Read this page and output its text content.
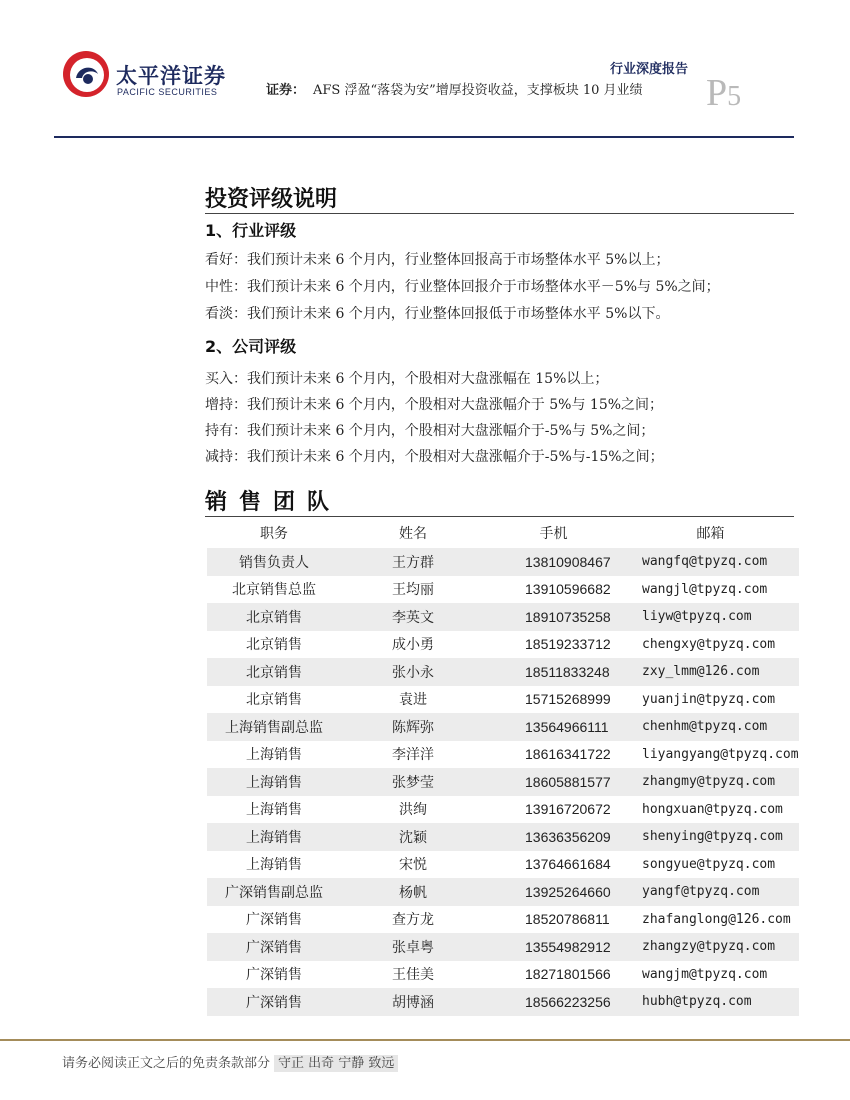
太平洋证券
PACIFIC SECURITIES
行业深度报告
证券： AFS 浮盈“落袋为安”增厚投资收益，支撑板块 10 月业绩 P5
投资评级说明
1、行业评级
看好：我们预计未来 6 个月内，行业整体回报高于市场整体水平 5%以上；
中性：我们预计未来 6 个月内，行业整体回报介于市场整体水平－5%与 5%之间；
看淡：我们预计未来 6 个月内，行业整体回报低于市场整体水平 5%以下。
2、公司评级
买入：我们预计未来 6 个月内，个股相对大盘涨幅在 15%以上；
增持：我们预计未来 6 个月内，个股相对大盘涨幅介于 5%与 15%之间；
持有：我们预计未来 6 个月内，个股相对大盘涨幅介于-5%与 5%之间；
减持：我们预计未来 6 个月内，个股相对大盘涨幅介于-5%与-15%之间；
销售团队
职务	姓名	手机	邮箱
销售负责人	王方群	13810908467	wangfq@tpyzq.com
北京销售总监	王均丽	13910596682	wangjl@tpyzq.com
北京销售	李英文	18910735258	liyw@tpyzq.com
北京销售	成小勇	18519233712	chengxy@tpyzq.com
北京销售	张小永	18511833248	zxy_lmm@126.com
北京销售	袁进	15715268999	yuanjin@tpyzq.com
上海销售副总监	陈辉弥	13564966111	chenhm@tpyzq.com
上海销售	李洋洋	18616341722	liyangyang@tpyzq.com
上海销售	张梦莹	18605881577	zhangmy@tpyzq.com
上海销售	洪绚	13916720672	hongxuan@tpyzq.com
上海销售	沈颖	13636356209	shenying@tpyzq.com
上海销售	宋悦	13764661684	songyue@tpyzq.com
广深销售副总监	杨帆	13925264660	yangf@tpyzq.com
广深销售	查方龙	18520786811	zhafanglong@126.com
广深销售	张卓粤	13554982912	zhangzy@tpyzq.com
广深销售	王佳美	18271801566	wangjm@tpyzq.com
广深销售	胡博涵	18566223256	hubh@tpyzq.com
请务必阅读正文之后的免责条款部分 守正 出奇 宁静 致远
